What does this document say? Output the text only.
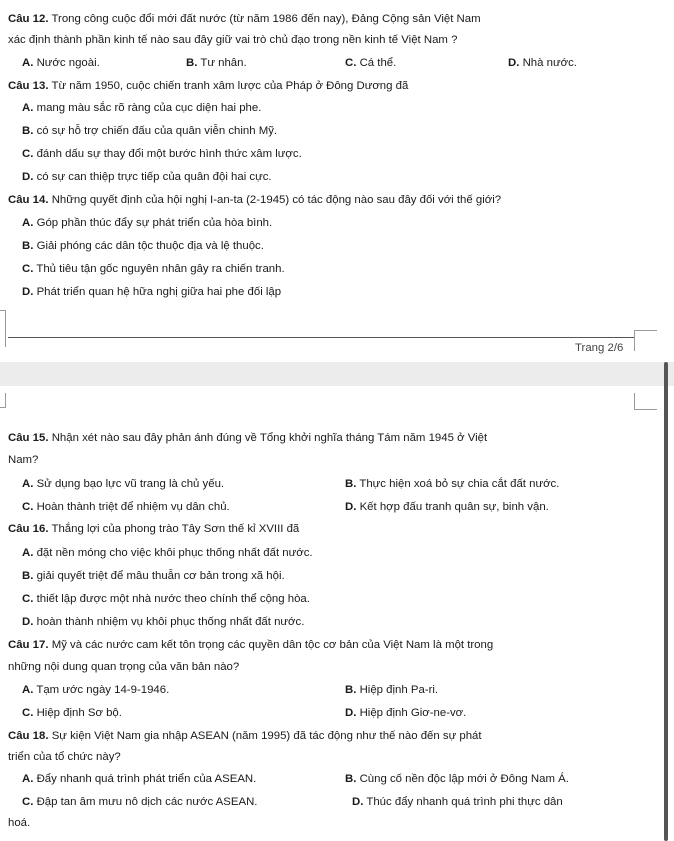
Câu 12. Trong công cuộc đổi mới đất nước (từ năm 1986 đến nay), Đảng Cộng sản Việt Nam
xác định thành phần kinh tế nào sau đây giữ vai trò chủ đạo trong nền kinh tế Việt Nam ?
A. Nước ngoài.	B. Tư nhân.	C. Cá thể.	D. Nhà nước.
Câu 13. Từ năm 1950, cuộc chiến tranh xâm lược của Pháp ở Đông Dương đã
A. mang màu sắc rõ ràng của cục diện hai phe.
B. có sự hỗ trợ chiến đấu của quân viễn chinh Mỹ.
C. đánh dấu sự thay đổi một bước hình thức xâm lược.
D. có sự can thiệp trực tiếp của quân đội hai cực.
Câu 14. Những quyết định của hội nghị I-an-ta (2-1945) có tác động nào sau đây đối với thế giới?
A. Góp phần thúc đẩy sự phát triển của hòa bình.
B. Giải phóng các dân tộc thuộc địa và lệ thuộc.
C. Thủ tiêu tận gốc nguyên nhân gây ra chiến tranh.
D. Phát triển quan hệ hữa nghị giữa hai phe đối lập
Trang 2/6
Câu 15. Nhận xét nào sau đây phản ánh đúng về Tổng khởi nghĩa tháng Tám năm 1945 ở Việt
Nam?
A. Sử dụng bạo lực vũ trang là chủ yếu.	B. Thực hiện xoá bỏ sự chia cắt đất nước.
C. Hoàn thành triệt để nhiệm vụ dân chủ.	D. Kết hợp đấu tranh quân sự, binh vận.
Câu 16. Thắng lợi của phong trào Tây Sơn thế kỉ XVIII đã
A. đặt nền móng cho việc khôi phục thống nhất đất nước.
B. giải quyết triệt để mâu thuẫn cơ bản trong xã hội.
C. thiết lập được một nhà nước theo chính thể cộng hòa.
D. hoàn thành nhiệm vụ khôi phục thống nhất đất nước.
Câu 17. Mỹ và các nước cam kết tôn trọng các quyền dân tộc cơ bản của Việt Nam là một trong
những nội dung quan trọng của văn bản nào?
A. Tạm ước ngày 14-9-1946.	B. Hiệp định Pa-ri.
C. Hiệp định Sơ bộ.	D. Hiệp định Giơ-ne-vơ.
Câu 18. Sự kiện Việt Nam gia nhập ASEAN (năm 1995) đã tác động như thế nào đến sự phát
triển của tổ chức này?
A. Đẩy nhanh quá trình phát triển của ASEAN.	B. Cùng cố nền độc lập mới ở Đông Nam Á.
C. Đập tan âm mưu nô dịch các nước ASEAN.	D. Thúc đẩy nhanh quá trình phi thực dân
hoá.
